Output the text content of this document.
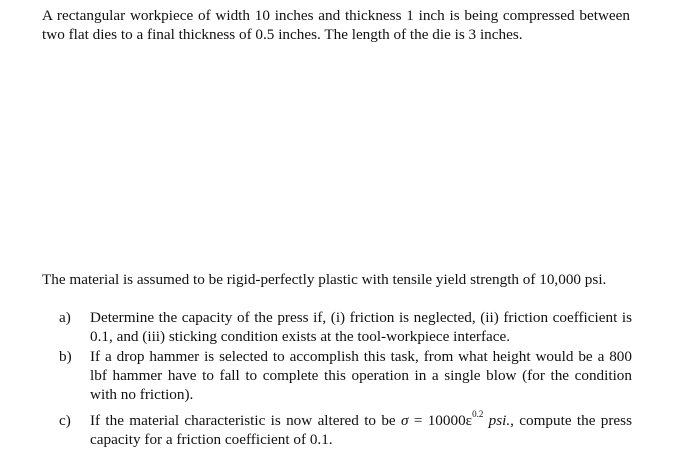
A rectangular workpiece of width 10 inches and thickness 1 inch is being compressed between two flat dies to a final thickness of 0.5 inches. The length of the die is 3 inches.

The material is assumed to be rigid-perfectly plastic with tensile yield strength of 10,000 psi.

a) Determine the capacity of the press if, (i) friction is neglected, (ii) friction coefficient is 0.1, and (iii) sticking condition exists at the tool-workpiece interface.
b) If a drop hammer is selected to accomplish this task, from what height would be a 800 lbf hammer have to fall to complete this operation in a single blow (for the condition with no friction).
c) If the material characteristic is now altered to be $\sigma = 10000\varepsilon^{0.2}$ psi., compute the press capacity for a friction coefficient of 0.1.
